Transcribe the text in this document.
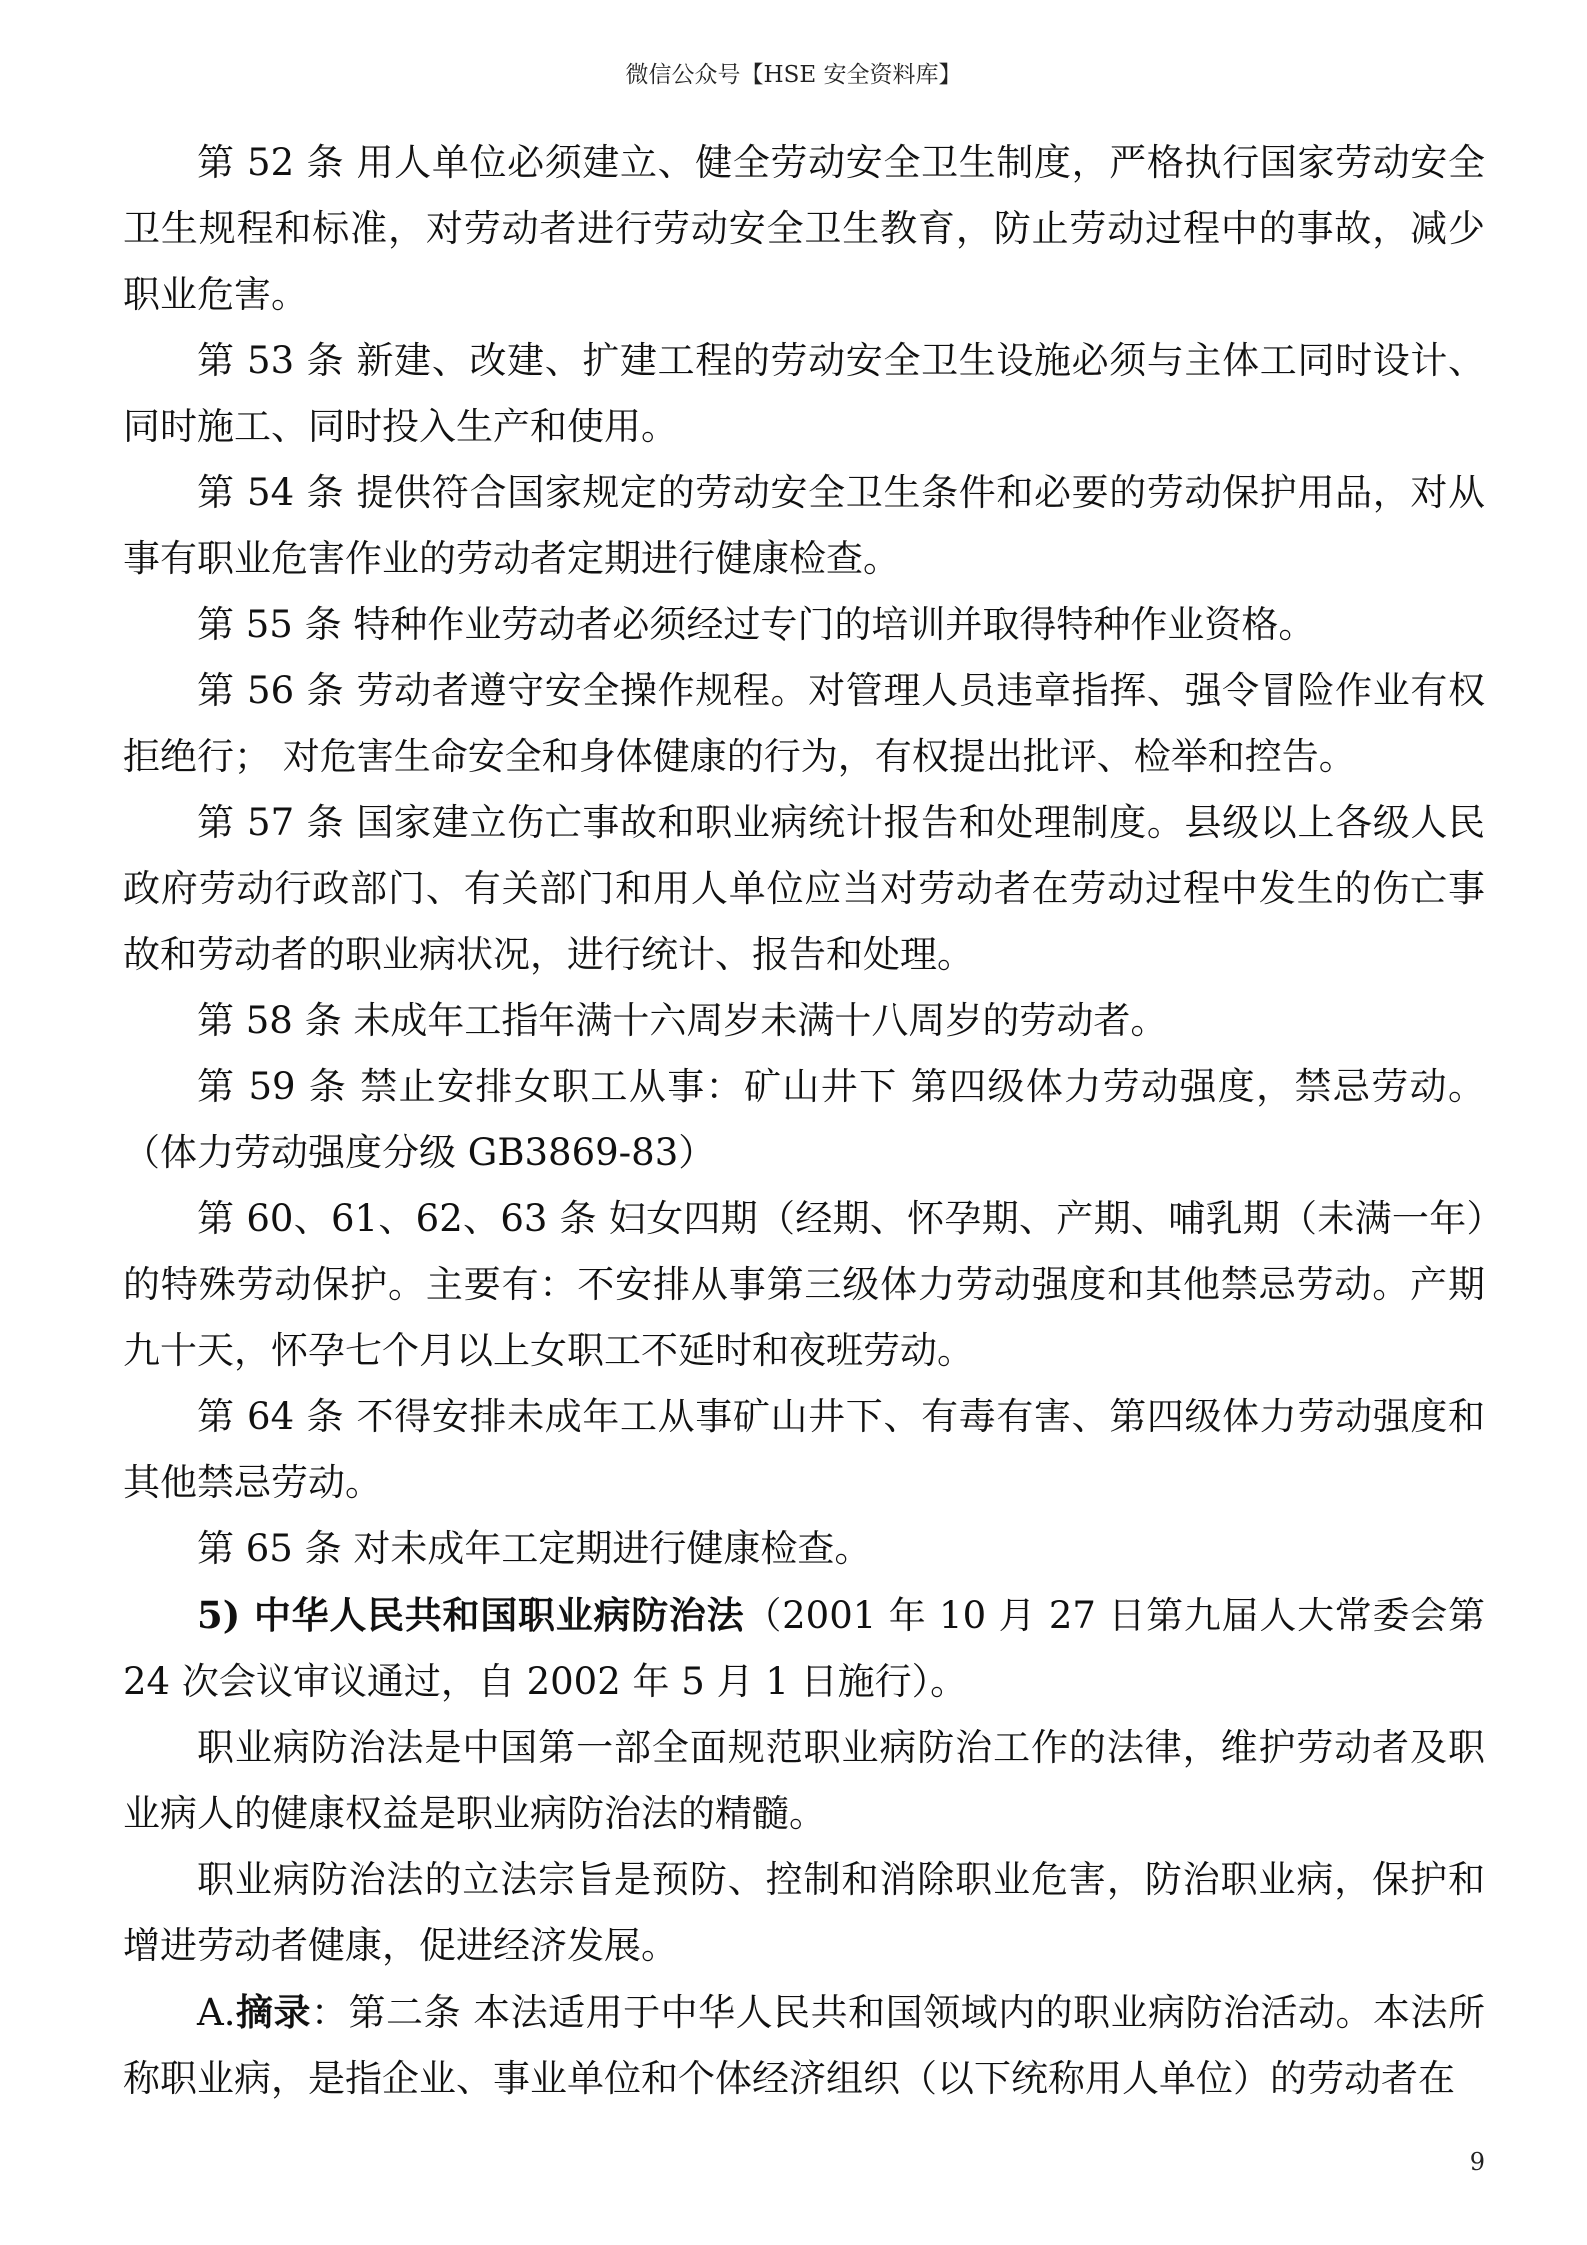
微信公众号【HSE 安全资料库】

第 52 条 用人单位必须建立、健全劳动安全卫生制度，严格执行国家劳动安全卫生规程和标准，对劳动者进行劳动安全卫生教育，防止劳动过程中的事故，减少职业危害。

第 53 条 新建、改建、扩建工程的劳动安全卫生设施必须与主体工同时设计、同时施工、同时投入生产和使用。

第 54 条 提供符合国家规定的劳动安全卫生条件和必要的劳动保护用品，对从事有职业危害作业的劳动者定期进行健康检查。

第 55 条 特种作业劳动者必须经过专门的培训并取得特种作业资格。

第 56 条 劳动者遵守安全操作规程。对管理人员违章指挥、强令冒险作业有权拒绝行； 对危害生命安全和身体健康的行为，有权提出批评、检举和控告。

第 57 条 国家建立伤亡事故和职业病统计报告和处理制度。县级以上各级人民政府劳动行政部门、有关部门和用人单位应当对劳动者在劳动过程中发生的伤亡事故和劳动者的职业病状况，进行统计、报告和处理。

第 58 条 未成年工指年满十六周岁未满十八周岁的劳动者。

第 59 条 禁止安排女职工从事：矿山井下 第四级体力劳动强度，禁忌劳动。（体力劳动强度分级 GB3869-83）

第 60、61、62、63 条 妇女四期（经期、怀孕期、产期、哺乳期（未满一年）的特殊劳动保护。主要有：不安排从事第三级体力劳动强度和其他禁忌劳动。产期九十天，怀孕七个月以上女职工不延时和夜班劳动。

第 64 条 不得安排未成年工从事矿山井下、有毒有害、第四级体力劳动强度和其他禁忌劳动。

第 65 条 对未成年工定期进行健康检查。

5) 中华人民共和国职业病防治法（2001 年 10 月 27 日第九届人大常委会第 24 次会议审议通过，自 2002 年 5 月 1 日施行）。

职业病防治法是中国第一部全面规范职业病防治工作的法律，维护劳动者及职业病人的健康权益是职业病防治法的精髓。

职业病防治法的立法宗旨是预防、控制和消除职业危害，防治职业病，保护和增进劳动者健康，促进经济发展。

A.摘录：第二条 本法适用于中华人民共和国领域内的职业病防治活动。本法所称职业病，是指企业、事业单位和个体经济组织（以下统称用人单位）的劳动者在

9
